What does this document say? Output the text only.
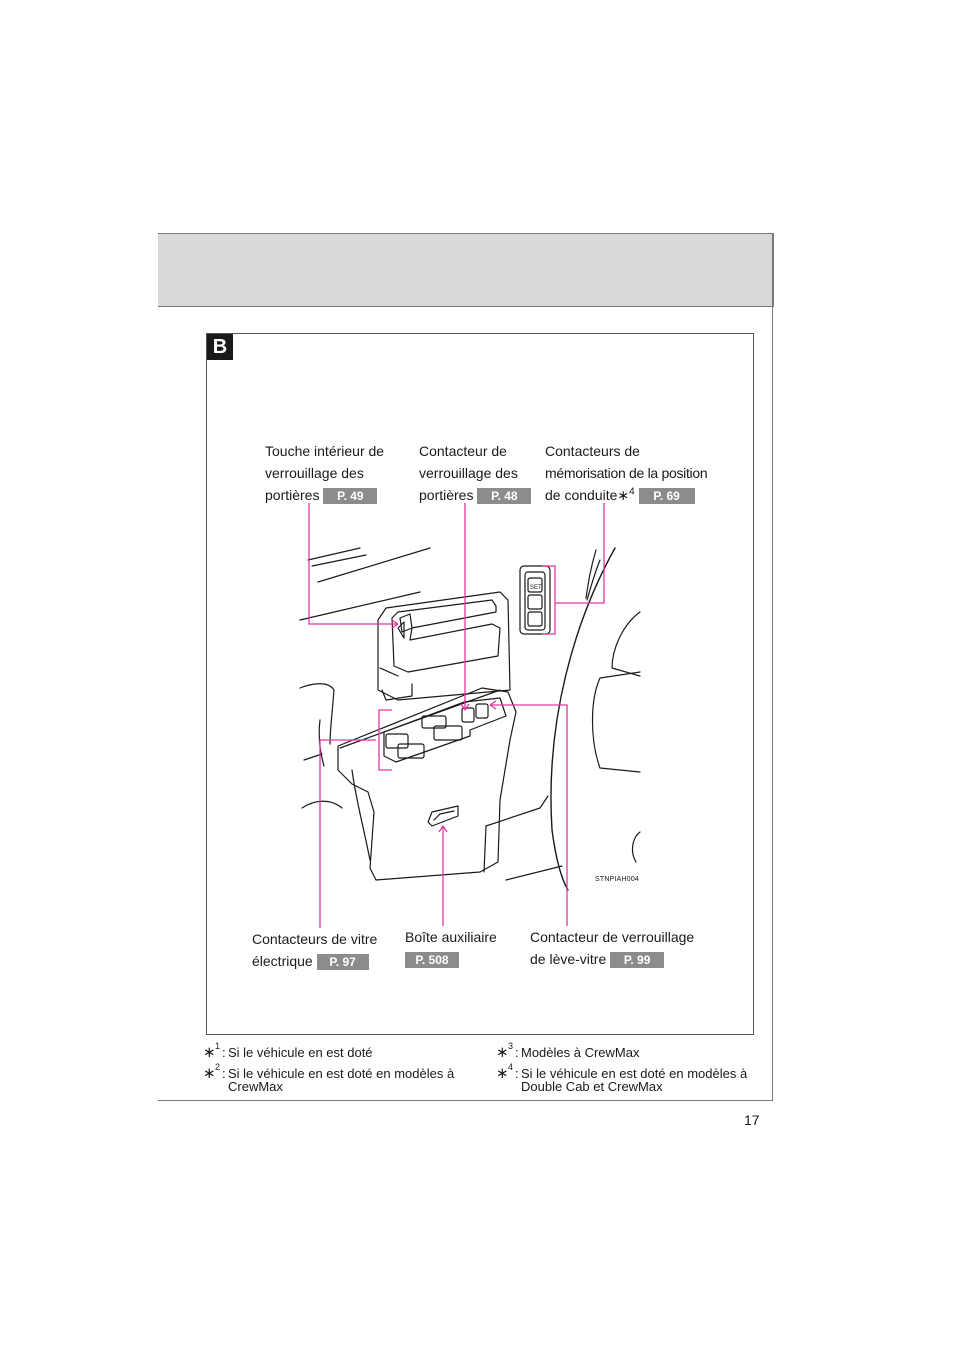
B
SET
STNPIAH004
Touche intérieur de
verrouillage des
portières P. 49
Contacteur de
verrouillage des
portières P. 48
Contacteurs de
mémorisation de la position
de conduite∗$^4$ P. 69
Contacteurs de vitre
électrique P. 97
Boîte auxiliaire
P. 508
Contacteur de verrouillage
de lève-vitre P. 99
∗ 1 : Si le véhicule en est doté
∗ 2 : Si le véhicule en est doté en modèles à CrewMax
∗ 3 : Modèles à CrewMax
∗ 4 : Si le véhicule en est doté en modèles à Double Cab et CrewMax
17
